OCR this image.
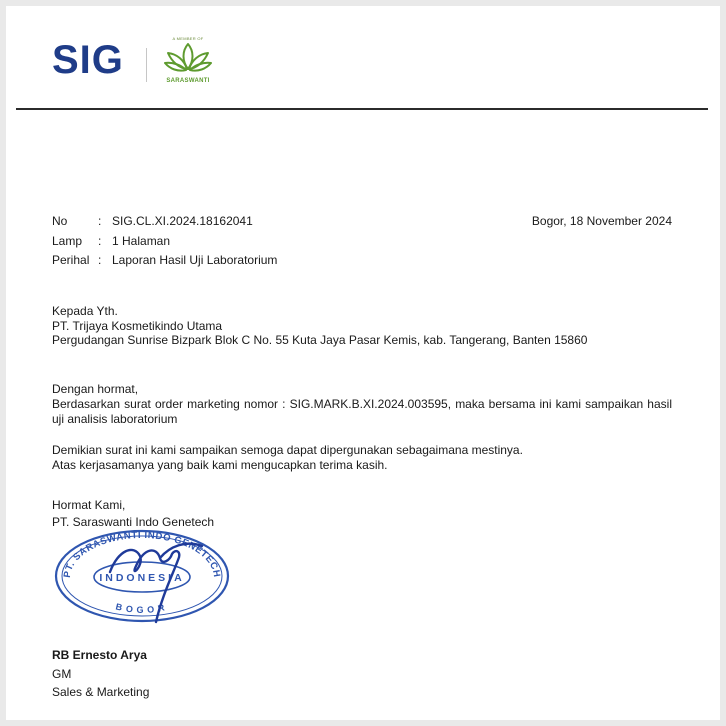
SIG	A MEMBER OF
SARASWANTI
No	: SIG.CL.XI.2024.18162041
Lamp	: 1 Halaman
Perihal : Laporan Hasil Uji Laboratorium
Bogor, 18 November 2024
Kepada Yth.
PT. Trijaya Kosmetikindo Utama
Pergudangan Sunrise Bizpark Blok C No. 55 Kuta Jaya Pasar Kemis, kab. Tangerang, Banten 15860
Dengan hormat,
Berdasarkan surat order marketing nomor : SIG.MARK.B.XI.2024.003595, maka bersama ini kami sampaikan hasil uji analisis laboratorium
Demikian surat ini kami sampaikan semoga dapat dipergunakan sebagaimana mestinya.
Atas kerjasamanya yang baik kami mengucapkan terima kasih.
Hormat Kami,
PT. Saraswanti Indo Genetech
PT. SARASWANTI INDO GENETECH
INDONESIA
BOGOR
RB Ernesto Arya
GM
Sales & Marketing
